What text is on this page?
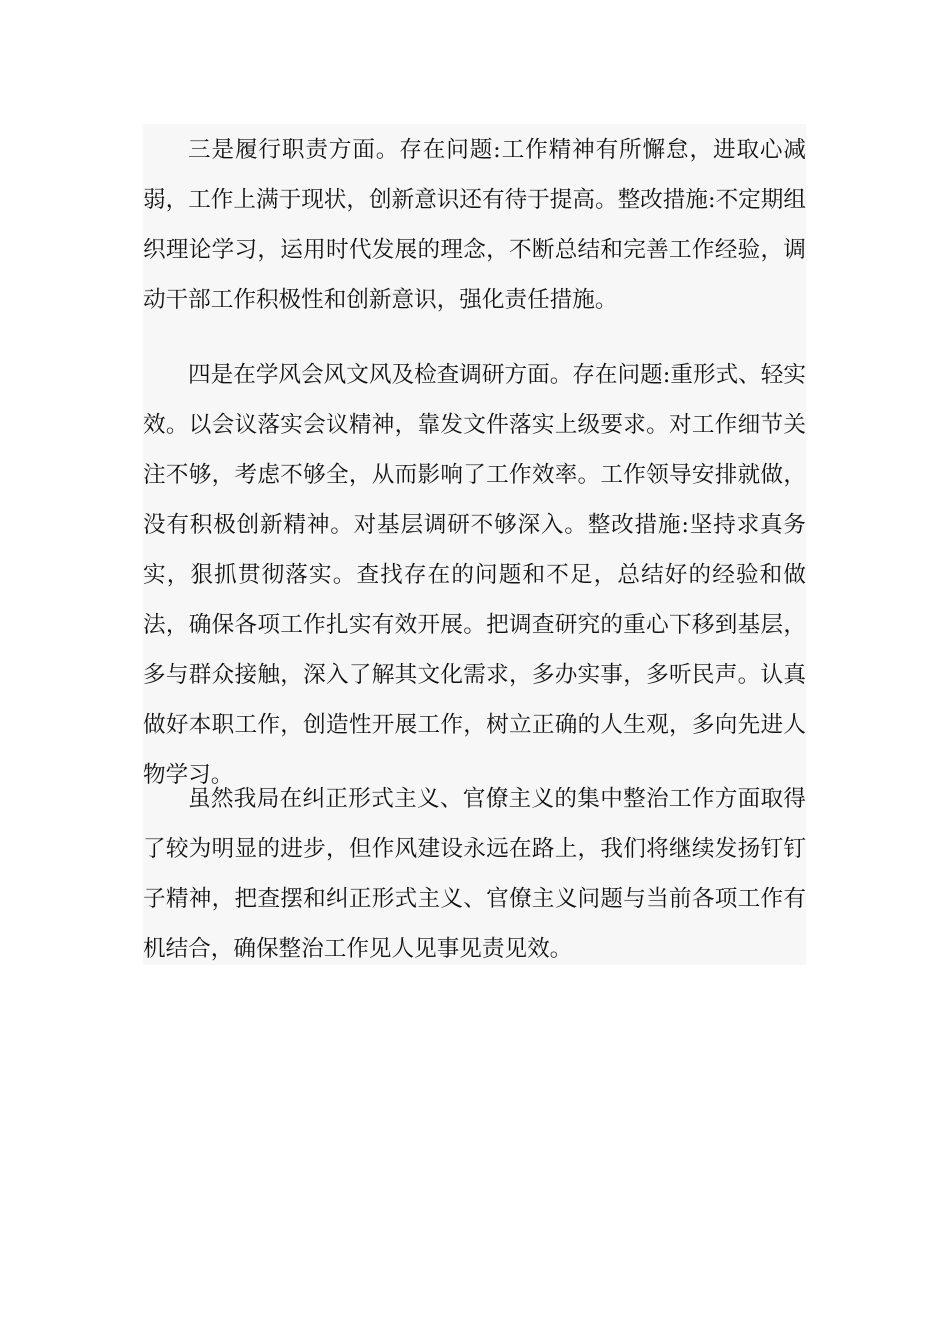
三是履行职责方面。存在问题:工作精神有所懈怠，进取心减弱，工作上满于现状，创新意识还有待于提高。整改措施:不定期组织理论学习，运用时代发展的理念，不断总结和完善工作经验，调动干部工作积极性和创新意识，强化责任措施。

四是在学风会风文风及检查调研方面。存在问题:重形式、轻实效。以会议落实会议精神，靠发文件落实上级要求。对工作细节关注不够，考虑不够全，从而影响了工作效率。工作领导安排就做，没有积极创新精神。对基层调研不够深入。整改措施:坚持求真务实，狠抓贯彻落实。查找存在的问题和不足，总结好的经验和做法，确保各项工作扎实有效开展。把调查研究的重心下移到基层，多与群众接触，深入了解其文化需求，多办实事，多听民声。认真做好本职工作，创造性开展工作，树立正确的人生观，多向先进人物学习。

虽然我局在纠正形式主义、官僚主义的集中整治工作方面取得了较为明显的进步，但作风建设永远在路上，我们将继续发扬钉钉子精神，把查摆和纠正形式主义、官僚主义问题与当前各项工作有机结合，确保整治工作见人见事见责见效。
